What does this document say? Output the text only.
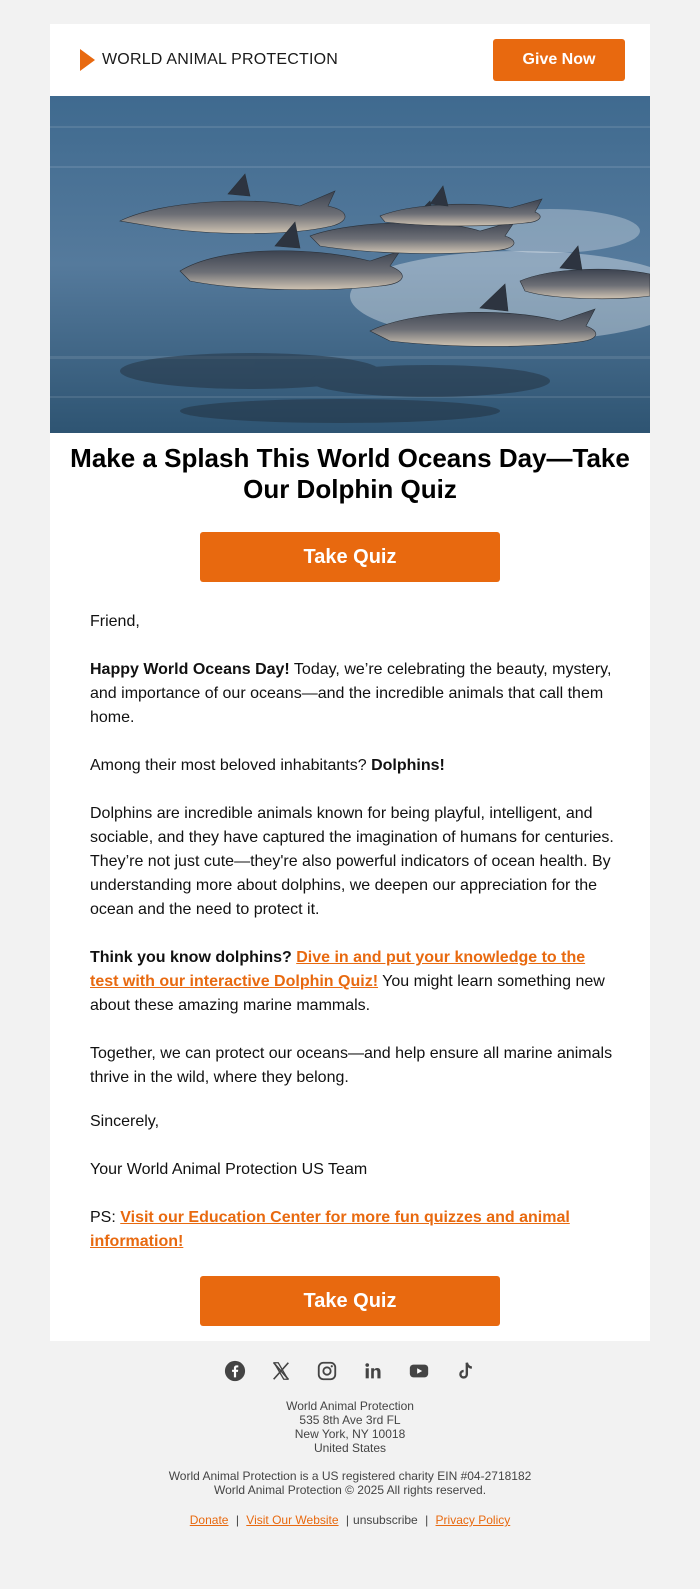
WORLD ANIMAL PROTECTION	Give Now
Make a Splash This World Oceans Day—Take Our Dolphin Quiz
Take Quiz

Friend,

Happy World Oceans Day! Today, we’re celebrating the beauty, mystery, and importance of our oceans—and the incredible animals that call them home.

Among their most beloved inhabitants? Dolphins!

Dolphins are incredible animals known for being playful, intelligent, and sociable, and they have captured the imagination of humans for centuries. They’re not just cute—they're also powerful indicators of ocean health. By understanding more about dolphins, we deepen our appreciation for the ocean and the need to protect it.

Think you know dolphins? Dive in and put your knowledge to the test with our interactive Dolphin Quiz! You might learn something new about these amazing marine mammals.

Together, we can protect our oceans—and help ensure all marine animals thrive in the wild, where they belong.

Sincerely,

Your World Animal Protection US Team

PS: Visit our Education Center for more fun quizzes and animal information!

Take Quiz
World Animal Protection
535 8th Ave 3rd FL
New York, NY 10018
United States
World Animal Protection is a US registered charity EIN #04-2718182
World Animal Protection © 2025 All rights reserved.
Donate | Visit Our Website | unsubscribe | Privacy Policy
